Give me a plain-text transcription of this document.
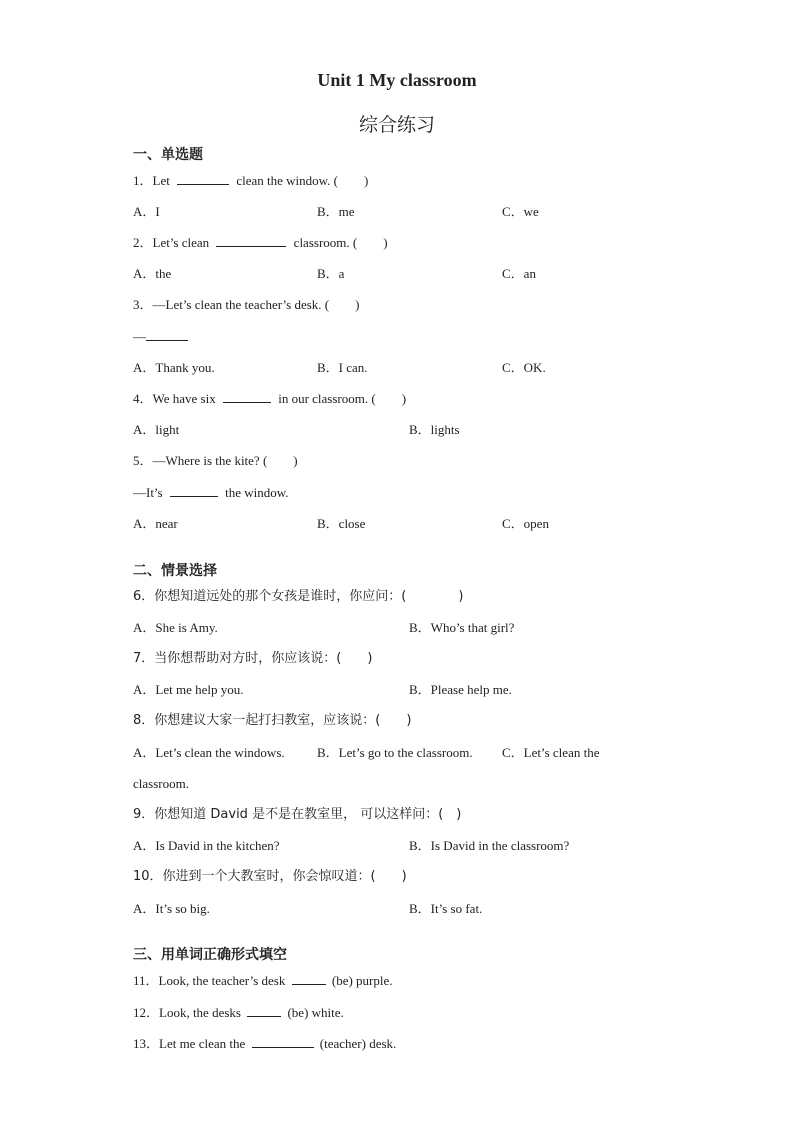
Unit 1 My classroom
综合练习
一、单选题
1．Let	clean the window. (　　)
A．I	B．me	C．we
2．Let’s clean	classroom. (　　)
A．the	B．a	C．an
3．—Let’s clean the teacher’s desk. (　　)
—
A．Thank you.	B．I can.	C．OK.
4．We have six	in our classroom. (　　)
A．light	B．lights
5．—Where is the kite? (　　)
—It’s	the window.
A．near	B．close	C．open
二、情景选择
6．你想知道远处的那个女孩是谁时，你应问：(　　　　)
A．She is Amy.	B．Who’s that girl?
7．当你想帮助对方时，你应该说：(　　)
A．Let me help you.	B．Please help me.
8．你想建议大家一起打扫教室，应该说：(　　)
A．Let’s clean the windows. B．Let’s go to the classroom. C．Let’s clean the
classroom.
9．你想知道 David 是不是在教室里， 可以这样问：(　)
A．Is David in the kitchen?	B．Is David in the classroom?
10．你进到一个大教室时，你会惊叹道：(　　)
A．It’s so big.	B．It’s so fat.
三、用单词正确形式填空
11．Look, the teacher’s desk	(be) purple.
12．Look, the desks	(be) white.
13．Let me clean the	(teacher) desk.
